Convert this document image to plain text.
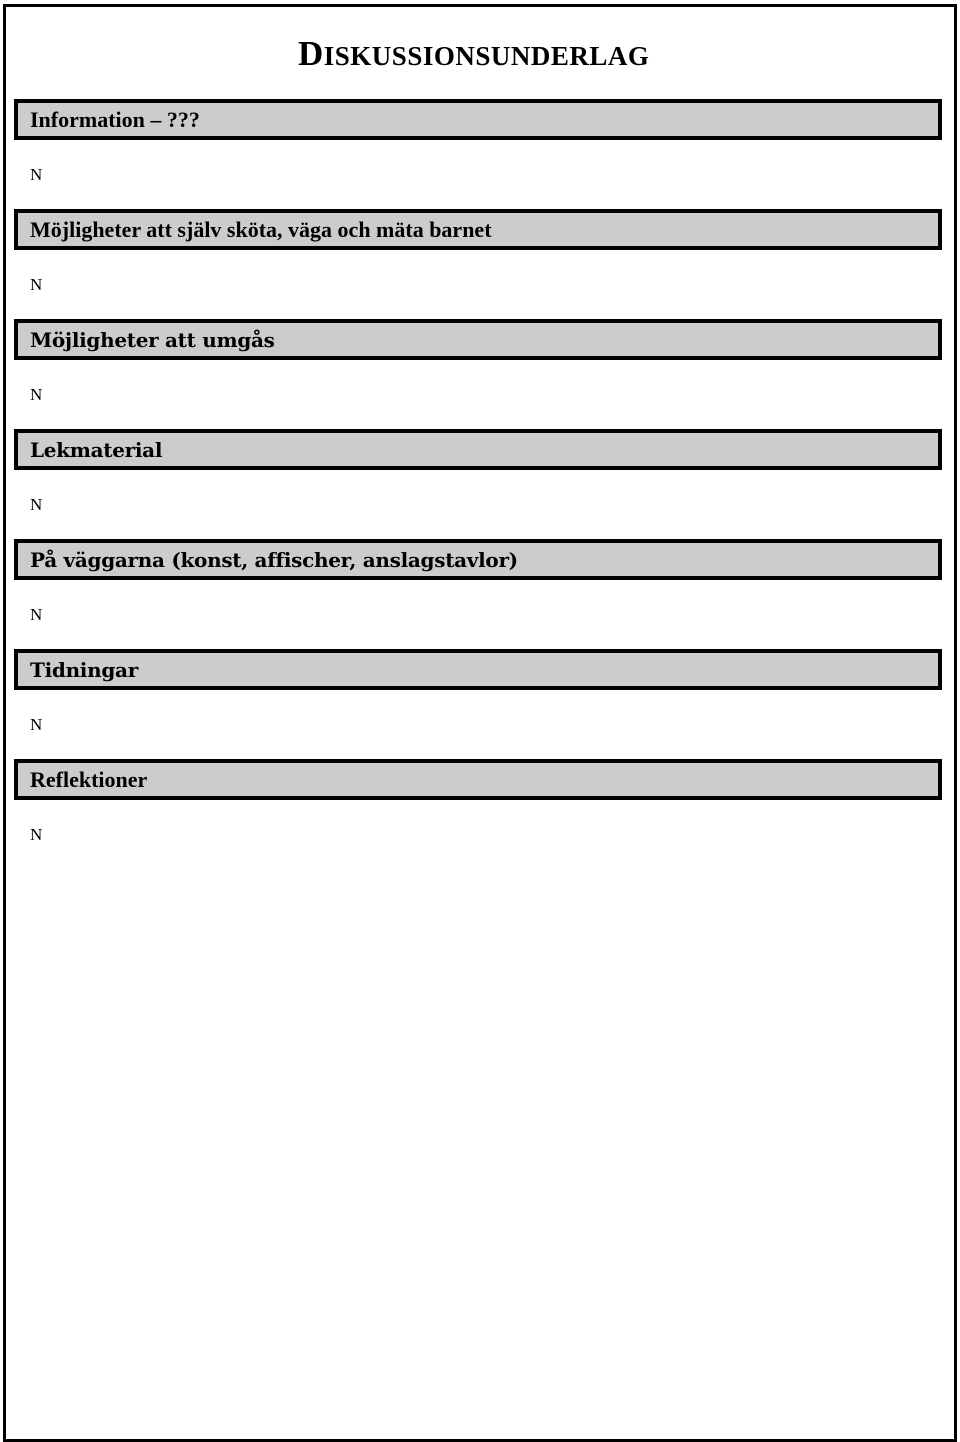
DISKUSSIONSUNDERLAG
Information – ???
N
Möjligheter att själv sköta, väga och mäta barnet
N
Möjligheter att umgås
N
Lekmaterial
N
På väggarna (konst, affischer, anslagstavlor)
N
Tidningar
N
Reflektioner
N
